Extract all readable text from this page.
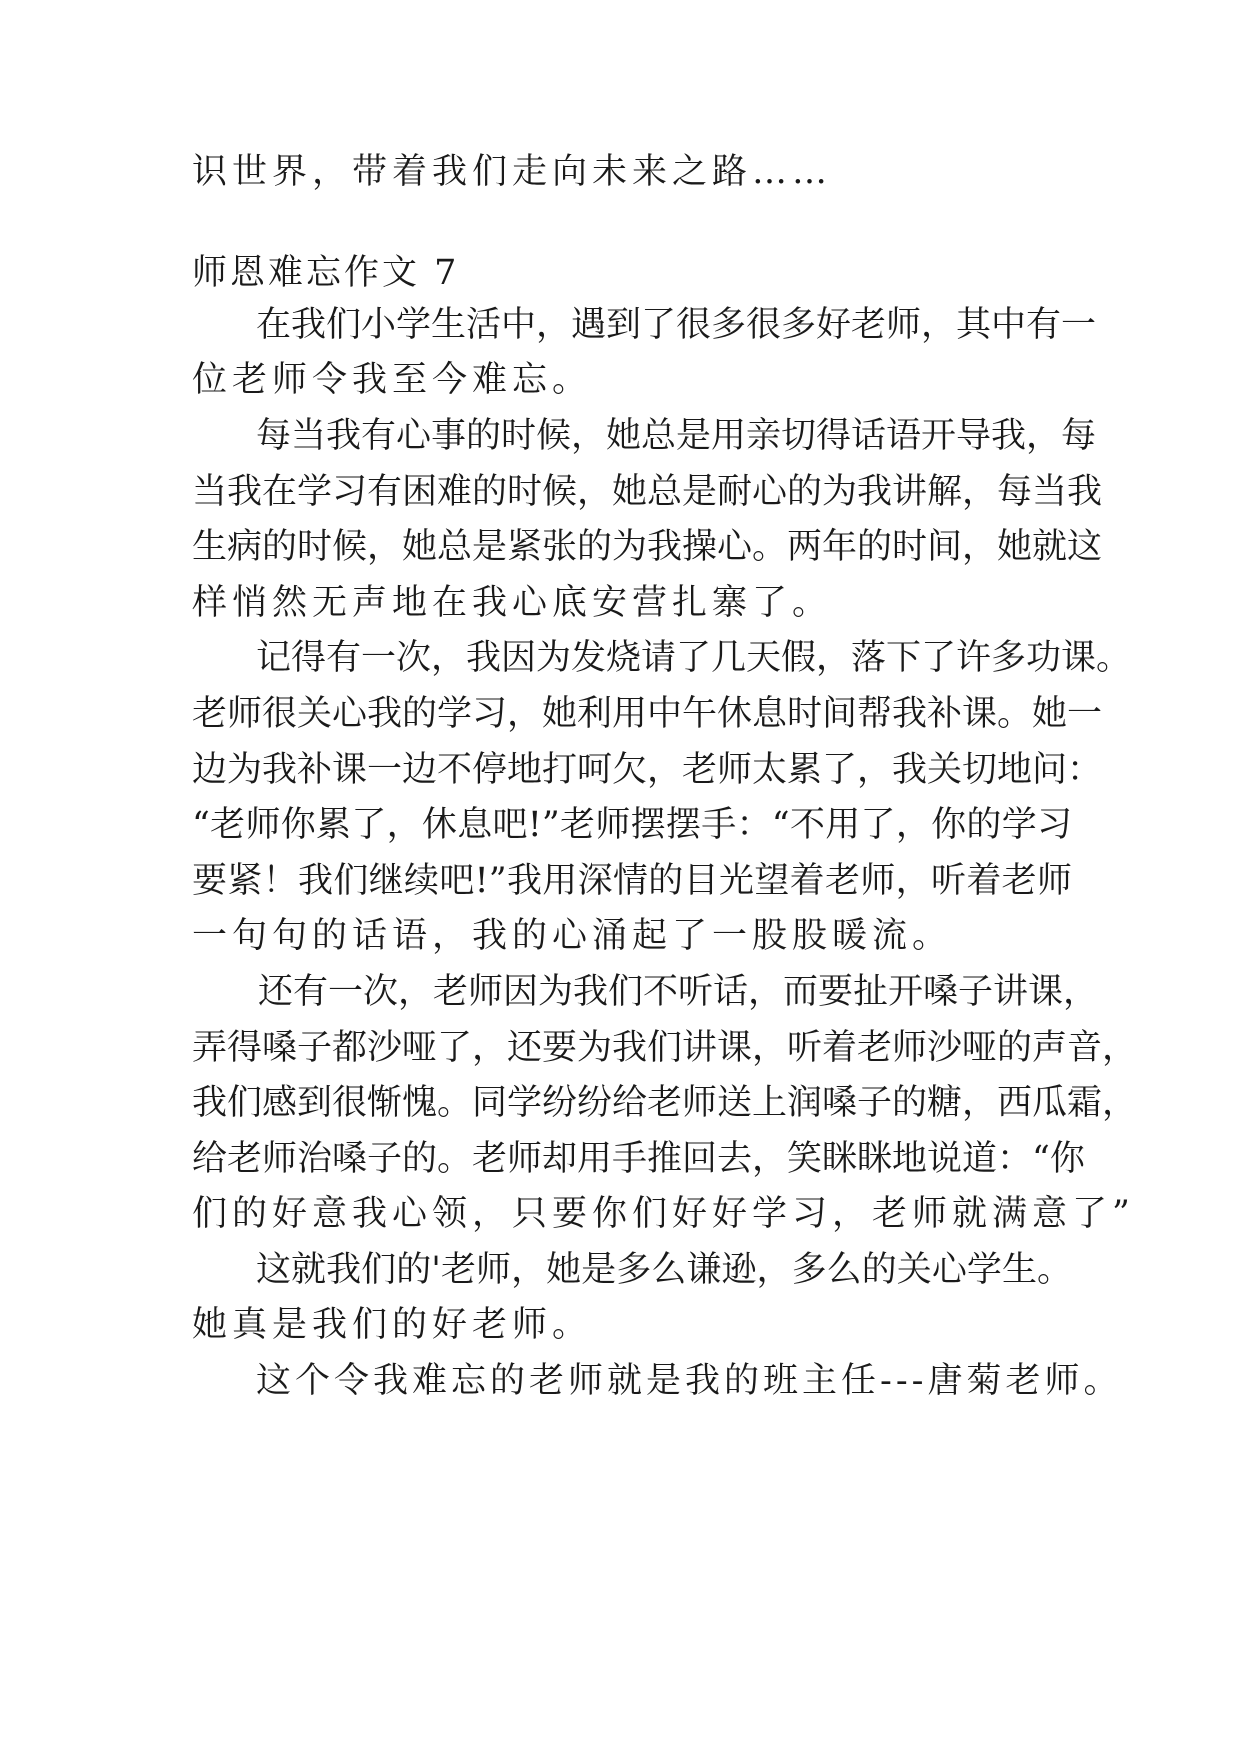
识世界，带着我们走向未来之路……
师恩难忘作文 7
在我们小学生活中，遇到了很多很多好老师，其中有一
位老师令我至今难忘。
每当我有心事的时候，她总是用亲切得话语开导我，每
当我在学习有困难的时候，她总是耐心的为我讲解，每当我
生病的时候，她总是紧张的为我操心。两年的时间，她就这
样悄然无声地在我心底安营扎寨了。
记得有一次，我因为发烧请了几天假，落下了许多功课。
老师很关心我的学习，她利用中午休息时间帮我补课。她一
边为我补课一边不停地打呵欠，老师太累了，我关切地问：
“老师你累了，休息吧!”老师摆摆手：“不用了，你的学习
要紧！我们继续吧!”我用深情的目光望着老师，听着老师
一句句的话语，我的心涌起了一股股暖流。
还有一次，老师因为我们不听话，而要扯开嗓子讲课，
弄得嗓子都沙哑了，还要为我们讲课，听着老师沙哑的声音，
我们感到很惭愧。同学纷纷给老师送上润嗓子的糖，西瓜霜，
给老师治嗓子的。老师却用手推回去，笑眯眯地说道：“你
们的好意我心领，只要你们好好学习，老师就满意了”
这就我们的'老师，她是多么谦逊，多么的关心学生。
她真是我们的好老师。
这个令我难忘的老师就是我的班主任---唐菊老师。
